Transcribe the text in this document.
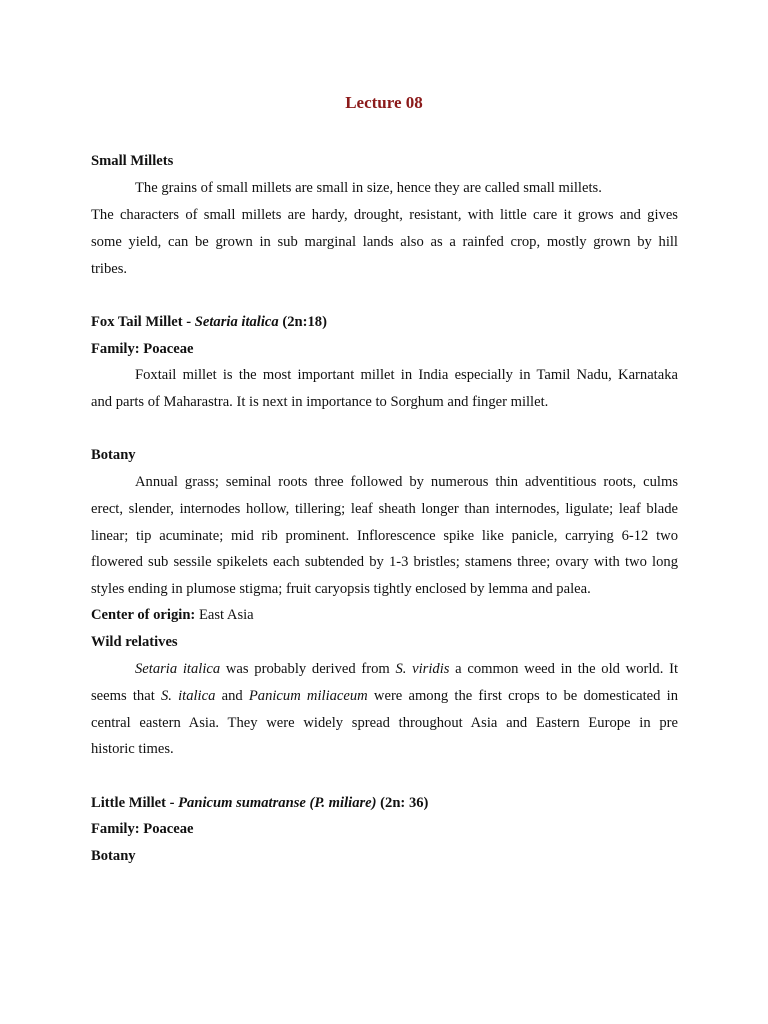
Lecture 08

Small Millets

The grains of small millets are small in size, hence they are called small millets.

The characters of small millets are hardy, drought, resistant, with little care it grows and gives

some yield, can be grown in sub marginal lands also as a rainfed crop, mostly grown by hill

tribes.

Fox Tail Millet - Setaria italica (2n:18)

Family: Poaceae

Foxtail millet is the most important millet in India especially in Tamil Nadu, Karnataka

and parts of Maharastra. It is next in importance to Sorghum and finger millet.

Botany

Annual grass; seminal roots three followed by numerous thin adventitious roots, culms

erect, slender, internodes hollow, tillering; leaf sheath longer than internodes, ligulate; leaf blade

linear; tip acuminate; mid rib prominent. Inflorescence spike like panicle, carrying 6-12 two

flowered sub sessile spikelets each subtended by 1-3 bristles; stamens three; ovary with two long

styles ending in plumose stigma; fruit caryopsis tightly enclosed by lemma and palea.

Center of origin: East Asia

Wild relatives

Setaria italica was probably derived from S. viridis a common weed in the old world. It

seems that S. italica and Panicum miliaceum were among the first crops to be domesticated in

central eastern Asia. They were widely spread throughout Asia and Eastern Europe in pre

historic times.

Little Millet - Panicum sumatranse (P. miliare) (2n: 36)

Family: Poaceae

Botany
